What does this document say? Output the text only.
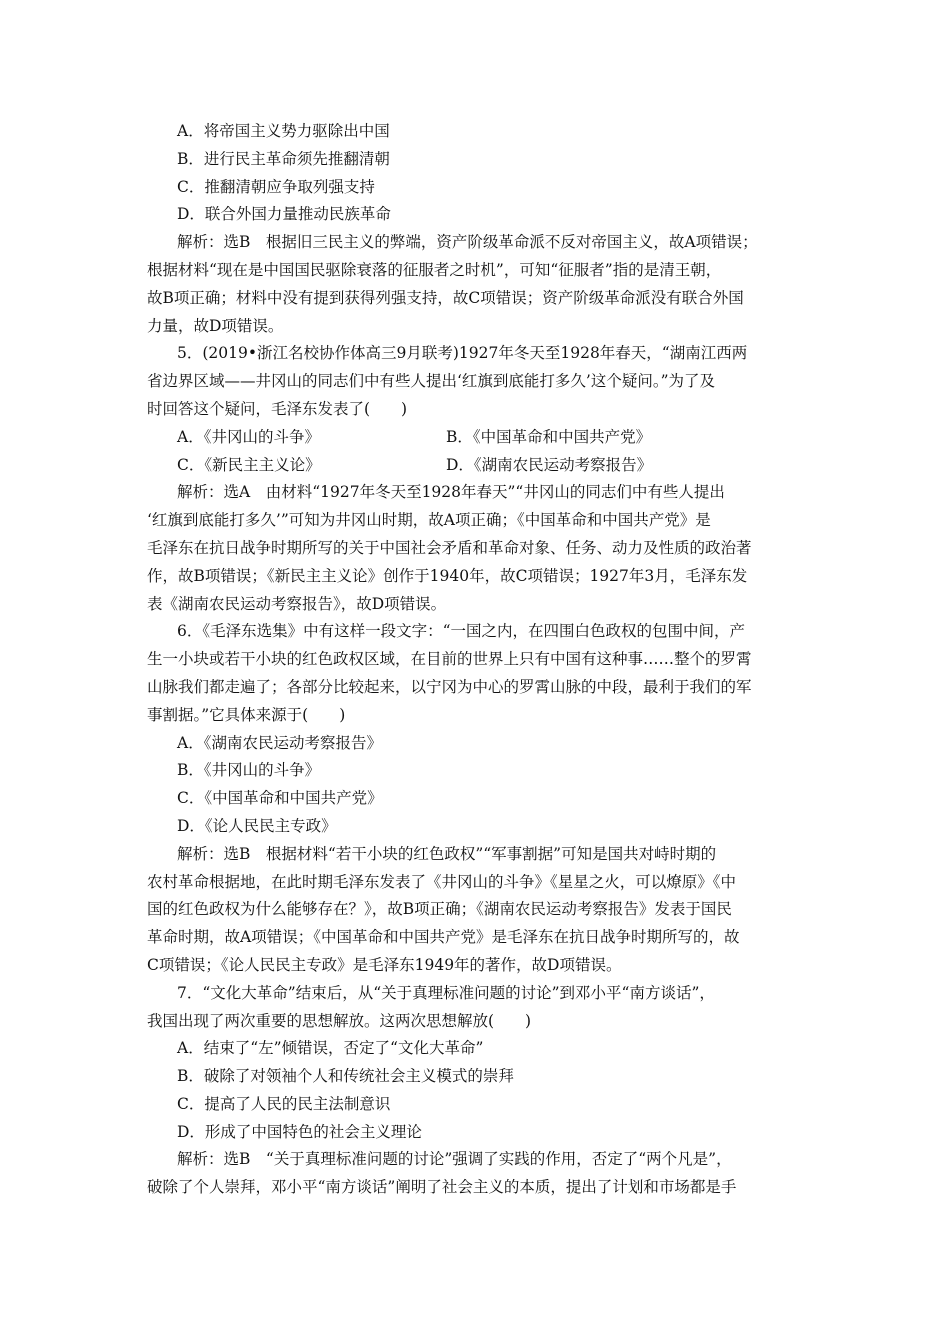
A．将帝国主义势力驱除出中国
B．进行民主革命须先推翻清朝
C．推翻清朝应争取列强支持
D．联合外国力量推动民族革命
解析：选B　根据旧三民主义的弊端，资产阶级革命派不反对帝国主义，故A项错误；
根据材料“现在是中国国民驱除衰落的征服者之时机”，可知“征服者”指的是清王朝，
故B项正确；材料中没有提到获得列强支持，故C项错误；资产阶级革命派没有联合外国
力量，故D项错误。
5．(2019•浙江名校协作体高三9月联考)1927年冬天至1928年春天，“湖南江西两
省边界区域——井冈山的同志们中有些人提出‘红旗到底能打多久’这个疑问。”为了及
时回答这个疑问，毛泽东发表了(　　)
A．《井冈山的斗争》	B．《中国革命和中国共产党》
C．《新民主主义论》	D．《湖南农民运动考察报告》
解析：选A　由材料“1927年冬天至1928年春天”“井冈山的同志们中有些人提出
‘红旗到底能打多久’”可知为井冈山时期，故A项正确；《中国革命和中国共产党》是
毛泽东在抗日战争时期所写的关于中国社会矛盾和革命对象、任务、动力及性质的政治著
作，故B项错误；《新民主主义论》创作于1940年，故C项错误；1927年3月，毛泽东发
表《湖南农民运动考察报告》，故D项错误。
6．《毛泽东选集》中有这样一段文字：“一国之内，在四围白色政权的包围中间，产
生一小块或若干小块的红色政权区域，在目前的世界上只有中国有这种事……整个的罗霄
山脉我们都走遍了；各部分比较起来，以宁冈为中心的罗霄山脉的中段，最利于我们的军
事割据。”它具体来源于(　　)
A．《湖南农民运动考察报告》
B．《井冈山的斗争》
C．《中国革命和中国共产党》
D．《论人民民主专政》
解析：选B　根据材料“若干小块的红色政权”“军事割据”可知是国共对峙时期的
农村革命根据地，在此时期毛泽东发表了《井冈山的斗争》《星星之火，可以燎原》《中
国的红色政权为什么能够存在？》，故B项正确；《湖南农民运动考察报告》发表于国民
革命时期，故A项错误；《中国革命和中国共产党》是毛泽东在抗日战争时期所写的，故
C项错误；《论人民民主专政》是毛泽东1949年的著作，故D项错误。
7．“文化大革命”结束后，从“关于真理标准问题的讨论”到邓小平“南方谈话”，
我国出现了两次重要的思想解放。这两次思想解放(　　)
A．结束了“左”倾错误，否定了“文化大革命”
B．破除了对领袖个人和传统社会主义模式的崇拜
C．提高了人民的民主法制意识
D．形成了中国特色的社会主义理论
解析：选B　“关于真理标准问题的讨论”强调了实践的作用，否定了“两个凡是”，
破除了个人崇拜，邓小平“南方谈话”阐明了社会主义的本质，提出了计划和市场都是手
